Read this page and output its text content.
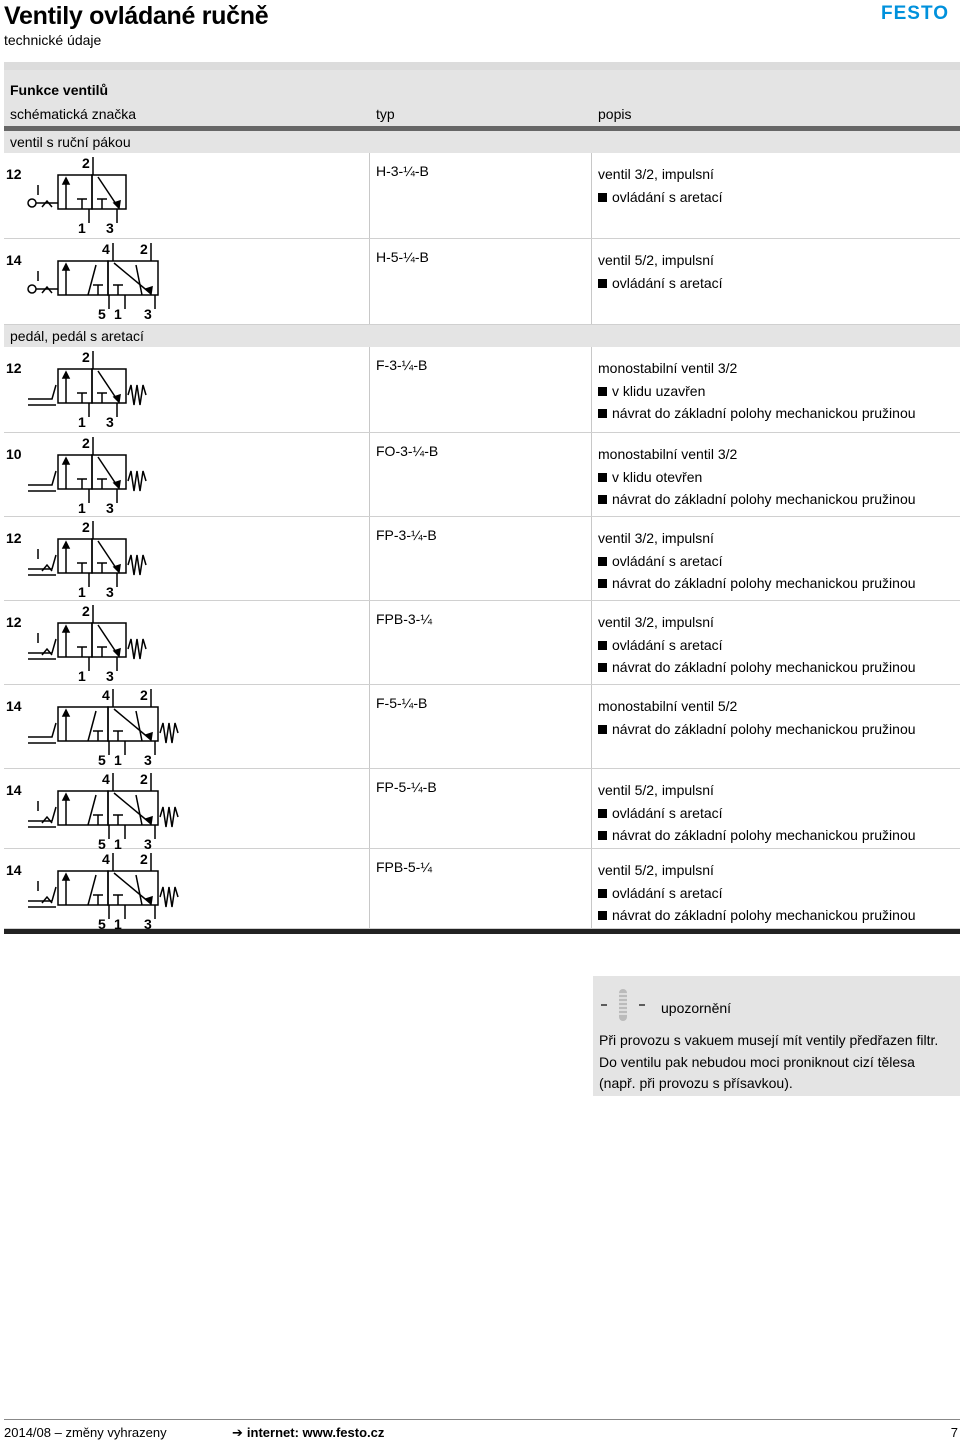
Ventily ovládané ručně
technické údaje
FESTO
Funkce ventilů
schématická značka	typ	popis
ventil s ruční pákou
12
2
1 3
H-3-¼-B	ventil 3/2, impulsní
ovládání s aretací
14
4 2
5 1 3
H-5-¼-B	ventil 5/2, impulsní
ovládání s aretací
pedál, pedál s aretací
12
2
1 3
F-3-¼-B	monostabilní ventil 3/2
v klidu uzavřen
návrat do základní polohy mechanickou pružinou
10
2
1 3
FO-3-¼-B	monostabilní ventil 3/2
v klidu otevřen
návrat do základní polohy mechanickou pružinou
12
2
1 3
FP-3-¼-B	ventil 3/2, impulsní
ovládání s aretací
návrat do základní polohy mechanickou pružinou
12
2
1 3
FPB-3-¼	ventil 3/2, impulsní
ovládání s aretací
návrat do základní polohy mechanickou pružinou
14
4 2
5 1 3
F-5-¼-B	monostabilní ventil 5/2
návrat do základní polohy mechanickou pružinou
14
4 2
5 1 3
FP-5-¼-B	ventil 5/2, impulsní
ovládání s aretací
návrat do základní polohy mechanickou pružinou
14
4 2
5 1 3
FPB-5-¼	ventil 5/2, impulsní
ovládání s aretací
návrat do základní polohy mechanickou pružinou
upozornění
Při provozu s vakuem musejí mít ventily předřazen filtr.
Do ventilu pak nebudou moci proniknout cizí tělesa
(např. při provozu s přísavkou).
2014/08 – změny vyhrazeny	➔ internet: www.festo.cz	7
